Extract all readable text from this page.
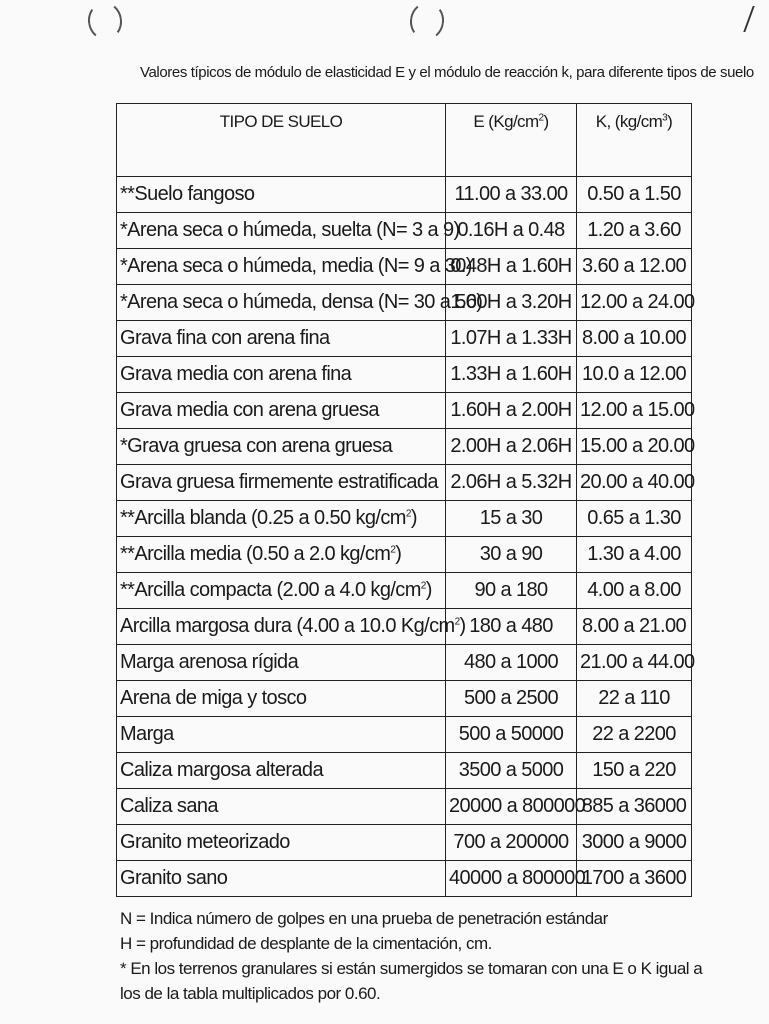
Valores típicos de módulo de elasticidad E y el módulo de reacción k, para diferente tipos de suelo
TIPO DE SUELO	E $(Kg/cm^2)$	K, $(kg/cm^3)$
**Suelo fangoso	11.00 a 33.00	0.50 a 1.50
*Arena seca o húmeda, suelta (N= 3 a 9)	0.16H a 0.48	1.20 a 3.60
*Arena seca o húmeda, media (N= 9 a 30)	0.48H a 1.60H	3.60 a 12.00
*Arena seca o húmeda, densa (N= 30 a 50)	1.60H a 3.20H	12.00 a 24.00
Grava fina con arena fina	1.07H a 1.33H	8.00 a 10.00
Grava media con arena fina	1.33H a 1.60H	10.0 a 12.00
Grava media con arena gruesa	1.60H a 2.00H	12.00 a 15.00
*Grava gruesa con arena gruesa	2.00H a 2.06H	15.00 a 20.00
Grava gruesa firmemente estratificada	2.06H a 5.32H	20.00 a 40.00
**Arcilla blanda (0.25 a 0.50 $kg/cm^2$)	15 a 30	0.65 a 1.30
**Arcilla media (0.50 a 2.0 $kg/cm^2$)	30 a 90	1.30 a 4.00
**Arcilla compacta (2.00 a 4.0 $kg/cm^2$)	90 a 180	4.00 a 8.00
Arcilla margosa dura (4.00 a 10.0 $Kg/cm^2$)	180 a 480	8.00 a 21.00
Marga arenosa rígida	480 a 1000	21.00 a 44.00
Arena de miga y tosco	500 a 2500	22 a 110
Marga	500 a 50000	22 a 2200
Caliza margosa alterada	3500 a 5000	150 a 220
Caliza sana	20000 a 800000	885 a 36000
Granito meteorizado	700 a 200000	3000 a 9000
Granito sano	40000 a 800000	1700 a 3600

N = Indica número de golpes en una prueba de penetración estándar

H = profundidad de desplante de la cimentación, cm.

* En los terrenos granulares si están sumergidos se tomaran con una E o K igual a los de la tabla multiplicados por 0.60.
